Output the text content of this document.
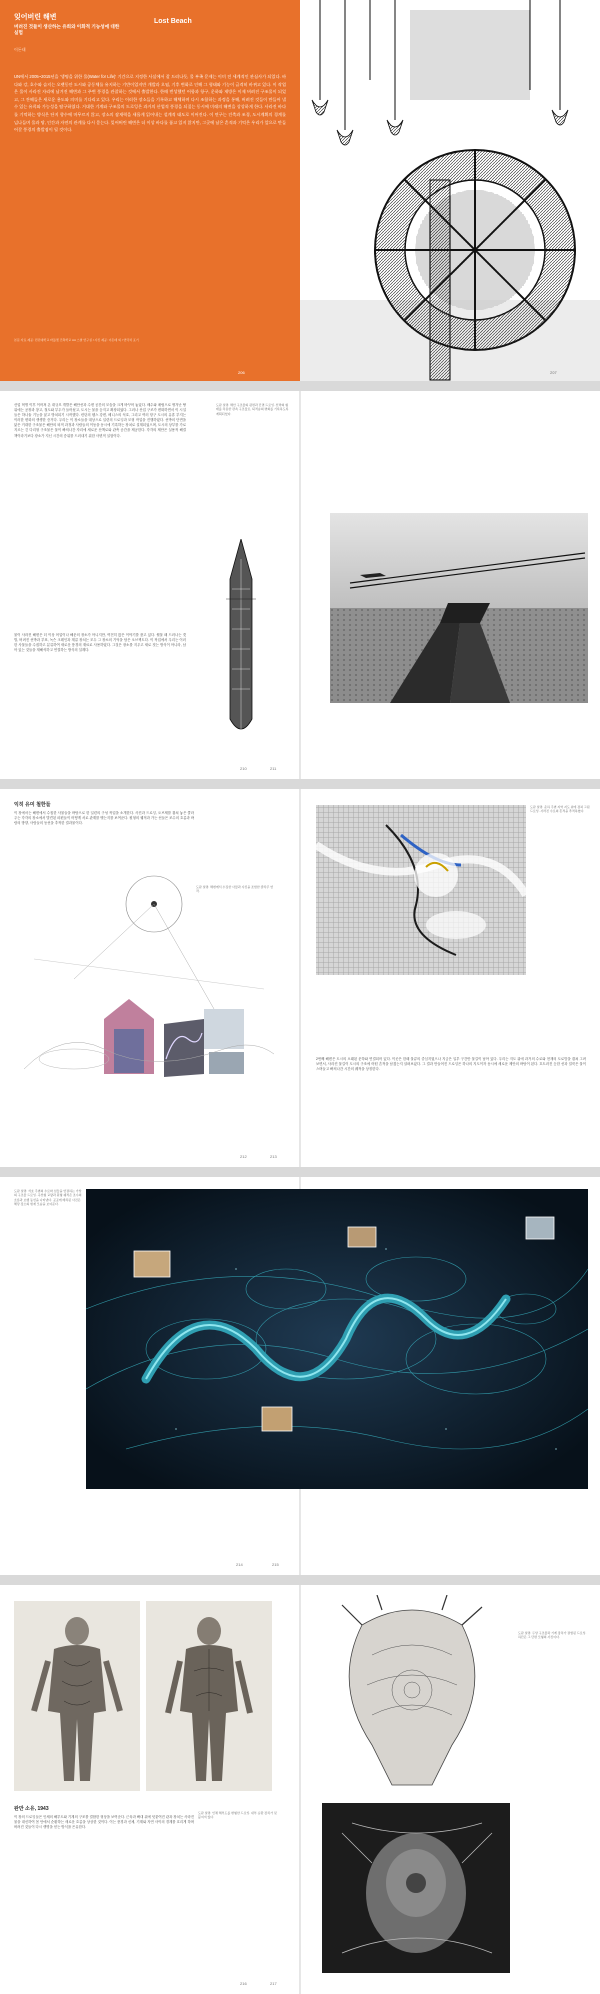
잊어버린 해변
Lost Beach
버려진 것들이 생산하는 유희와 이화적 기능성에 대한 실험
이돈태
UN에서 2005~2015년을 '생명을 위한 물(Water for Life)' 기간으로 지정한 사실에서 잘 드러나듯, 물 부족 문제는 이미 전 세계적인 관심사가 되었다. 바다와 강, 호수와 습지는 오랫동안 도시와 공동체를 유지하는 기반이었지만 개발과 오염, 기후 변화로 인해 그 형태와 기능이 급격히 바뀌고 있다. 이 작업은 물이 사라진 자리에 남겨진 해변과 그 주변 풍경을 관찰하는 것에서 출발한다. 한때 번성했던 어항과 항구, 운하와 제방은 이제 버려진 구조물이 되었고, 그 잔해들은 새로운 용도와 의미를 기다리고 있다. 우리는 이러한 장소들을 기록하고 해체하며 다시 조합하는 과정을 통해, 버려진 것들이 만들어 낼 수 있는 유희와 가능성을 탐구하였다. 거대한 기계와 구조물의 드로잉은 과거의 산업적 풍경을 되짚는 동시에 미래의 해변을 상상하게 한다. 사라진 바다를 기억하는 방식은 단지 향수에 머무르지 않고, 장소의 잠재력을 새롭게 읽어내는 설계적 태도로 이어진다. 이 연구는 건축과 조경, 도시계획의 경계를 넘나들며 물과 땅, 인간과 자연의 관계를 다시 묻는다. 잊어버린 해변은 더 이상 바다를 품고 있지 않지만, 그곳에 남은 흔적과 기억은 우리가 앞으로 만들어갈 풍경의 출발점이 될 것이다.
본문 자료 제공: 런던대학교 바틀렛 건축학교 AA 스쿨 연구실 / 사진 제공: 이돈태 외 / 연락처 표기
207
206
산업 혁명 이후 이어져 온 대규모 개발은 해안선과 수변 공간의 모습을 크게 바꾸어 놓았다. 배수와 매립으로 생겨난 땅 위에는 공장과 창고, 철도와 부두가 들어섰고, 도시는 물을 등지고 확장되었다. 그러나 산업 구조가 변화하면서 이 시설들은 하나둘 기능을 잃고 방치되기 시작했다. 런던의 템스 강변, 베니스의 석호, 그리고 여러 항구 도시의 유휴 부지는 이러한 변화의 생생한 증거다. 우리는 이 장소들을 대상으로 일련의 드로잉과 모형 작업을 진행하였다. 선박의 단면을 닮은 거대한 구조물은 해안의 퇴적 과정과 사람들의 이동을 동시에 기록하는 장치로 설계되었으며, 도시의 상부를 가로지르는 긴 다리형 구조물은 물이 빠져나간 자리에 새로운 산책로와 관측 공간을 제공한다. 각각의 제안은 실용적 해결책이라기보다 장소가 지닌 시간의 층위를 드러내기 위한 사변적 실험이다.
물이 사라진 해변은 더 이상 어업이나 해운의 장소가 아니지만, 여전히 많은 이야기를 품고 있다. 썰물 때 드러나는 갯벌, 버려진 선박과 부표, 녹슨 크레인과 계류 장치는 모두 그 장소의 기억을 담은 오브젝트다. 이 작업에서 우리는 이러한 사물들을 수집하고 분류하여 새로운 풍경의 재료로 사용하였다. 그것은 장소를 지우고 새로 짓는 방식이 아니라, 남아 있는 것들을 재해석하고 연결하는 방식의 설계다.
도판 설명: 해안 구조물의 평면과 단면 드로잉. 선박의 형태를 차용한 관측 구조물로, 퇴적층의 변화를 기록하도록 계획되었다.
210	211
익히 유미 철한들
이 장에서는 해변에서 수집한 사물들을 바탕으로 한 일련의 구성 작업을 소개한다. 사진과 드로잉, 오브제를 겹쳐 놓은 콜라주는 각각의 장소에서 발견된 파편들이 어떻게 서로 관계를 맺는지를 보여준다. 원형의 궤적과 가는 선들은 조수의 흐름과 바람의 방향, 사람들의 동선을 추적한 결과물이다.
도판 설명: 해변에서 수집한 사물과 사진을 조합한 콜라주 연작.
도판 설명: 운하 주변 지역 지도 위에 겹쳐 그린 드로잉. 사라진 수로의 흔적을 추적하였다.
2번째 해변은 도시의 오래된 운하와 연결되어 있다. 이곳은 한때 물류의 중심지였으나 지금은 일부 구간만 물길이 남아 있다. 우리는 지도 위에 과거의 수로와 현재의 도로망을 겹쳐 그려 보면서, 사라진 물길이 도시의 구조에 어떤 흔적을 남겼는지 살펴보았다. 그 결과 만들어진 드로잉은 하나의 지도이자 동시에 새로운 제안의 바탕이 된다. 흐트러진 듯한 선과 얼룩은 물이 스며들고 빠져나간 시간의 궤적을 상징한다.
212	213
도판 설명: 석호 주변의 수로와 섬들을 연결하는 가상의 구조물 드로잉. 곡선형 교량과 원형 궤적은 조수의 흐름과 보행 동선을 나타낸다. 곳곳에 배치된 사진은 해당 장소의 현재 모습을 보여준다.
214	215
완만 소유, 1943
이 장의 드로잉들은 인체의 해부도와 기계의 구조를 결합한 형상을 보여준다. 근육과 뼈대 위에 덧붙여진 관과 장치는 사라진 물을 대신하여 몸 안에서 순환하는 새로운 흐름을 상상한 것이다. 이는 풍경과 신체, 기계와 자연 사이의 경계를 흐리게 하며 버려진 것들이 다시 생명을 얻는 방식을 은유한다.
도판 설명: 인체 해부도를 변형한 드로잉. 내부 순환 장치가 덧붙여져 있다.
도판 설명: 두상 구조물과 기계 장치가 결합된 드로잉. 하단은 그 단면 모형의 사진이다.
216	217
